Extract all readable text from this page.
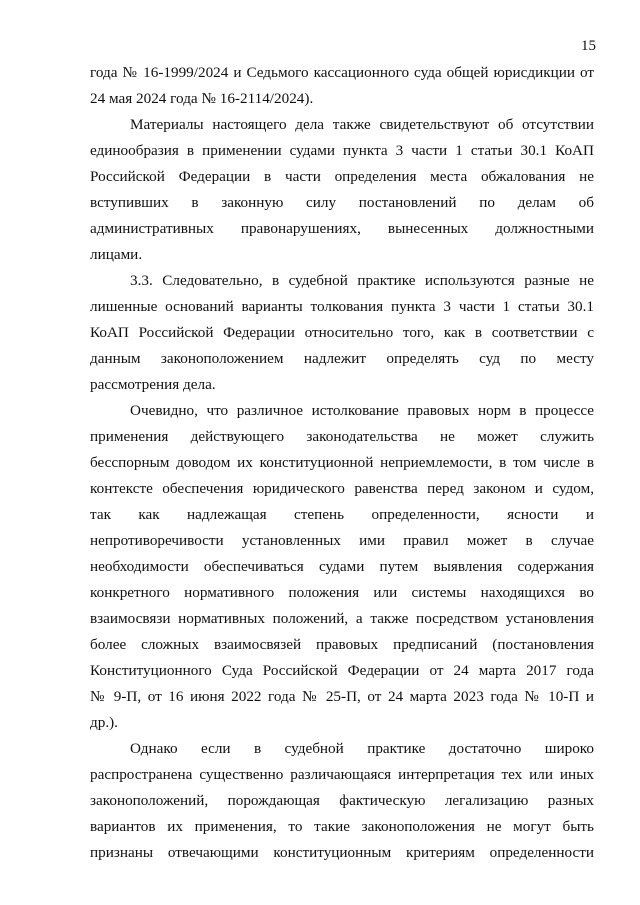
15
года № 16-1999/2024 и Седьмого кассационного суда общей юрисдикции от
24 мая 2024 года № 16-2114/2024).
Материалы настоящего дела также свидетельствуют об отсутствии
единообразия в применении судами пункта 3 части 1 статьи 30.1 КоАП
Российской Федерации в части определения места обжалования не
вступивших в законную силу постановлений по делам об
административных правонарушениях, вынесенных должностными
лицами.
3.3. Следовательно, в судебной практике используются разные не
лишенные оснований варианты толкования пункта 3 части 1 статьи 30.1
КоАП Российской Федерации относительно того, как в соответствии с
данным законоположением надлежит определять суд по месту
рассмотрения дела.
Очевидно, что различное истолкование правовых норм в процессе
применения действующего законодательства не может служить
бесспорным доводом их конституционной неприемлемости, в том числе в
контексте обеспечения юридического равенства перед законом и судом,
так как надлежащая степень определенности, ясности и
непротиворечивости установленных ими правил может в случае
необходимости обеспечиваться судами путем выявления содержания
конкретного нормативного положения или системы находящихся во
взаимосвязи нормативных положений, а также посредством установления
более сложных взаимосвязей правовых предписаний (постановления
Конституционного Суда Российской Федерации от 24 марта 2017 года
№ 9-П, от 16 июня 2022 года № 25-П, от 24 марта 2023 года № 10-П и
др.).
Однако если в судебной практике достаточно широко
распространена существенно различающаяся интерпретация тех или иных
законоположений, порождающая фактическую легализацию разных
вариантов их применения, то такие законоположения не могут быть
признаны отвечающими конституционным критериям определенности
